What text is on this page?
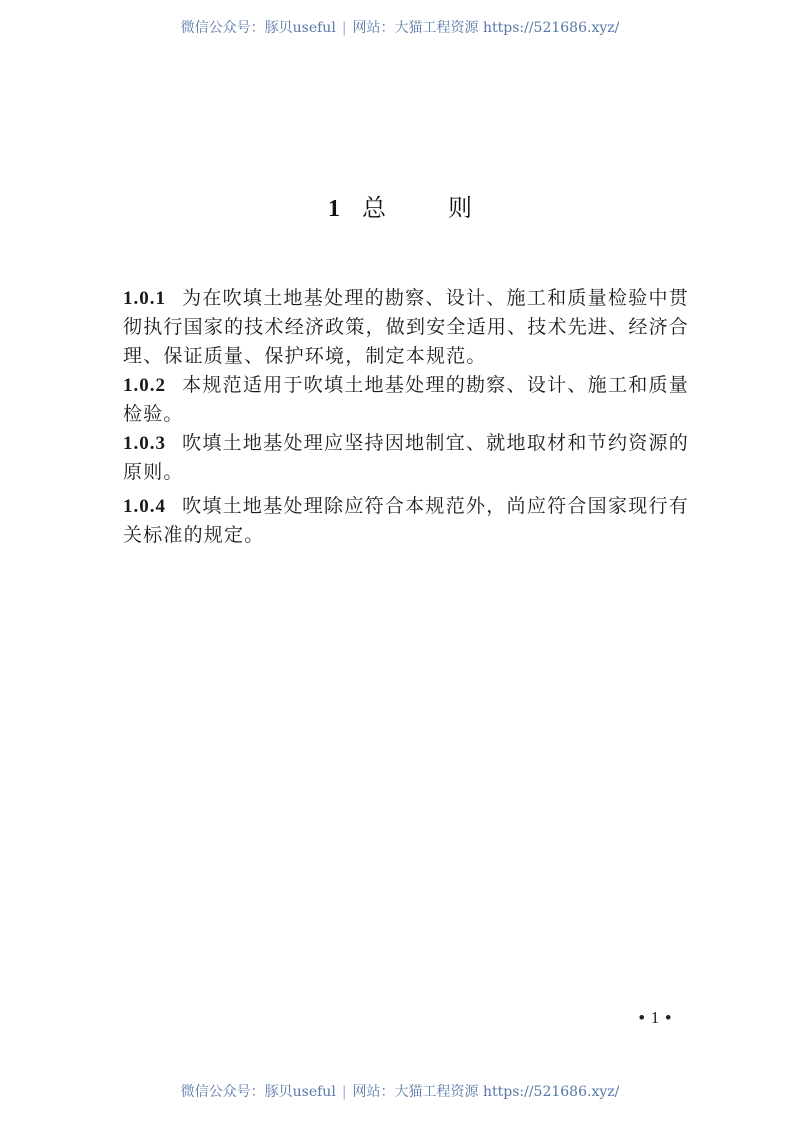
微信公众号：豚贝useful | 网站：大猫工程资源 https://521686.xyz/
1 总	则

1.0.1 为在吹填土地基处理的勘察、设计、施工和质量检验中贯彻执行国家的技术经济政策，做到安全适用、技术先进、经济合理、保证质量、保护环境，制定本规范。

1.0.2 本规范适用于吹填土地基处理的勘察、设计、施工和质量检验。

1.0.3 吹填土地基处理应坚持因地制宜、就地取材和节约资源的原则。

1.0.4 吹填土地基处理除应符合本规范外，尚应符合国家现行有关标准的规定。

• 1 •
微信公众号：豚贝useful | 网站：大猫工程资源 https://521686.xyz/
